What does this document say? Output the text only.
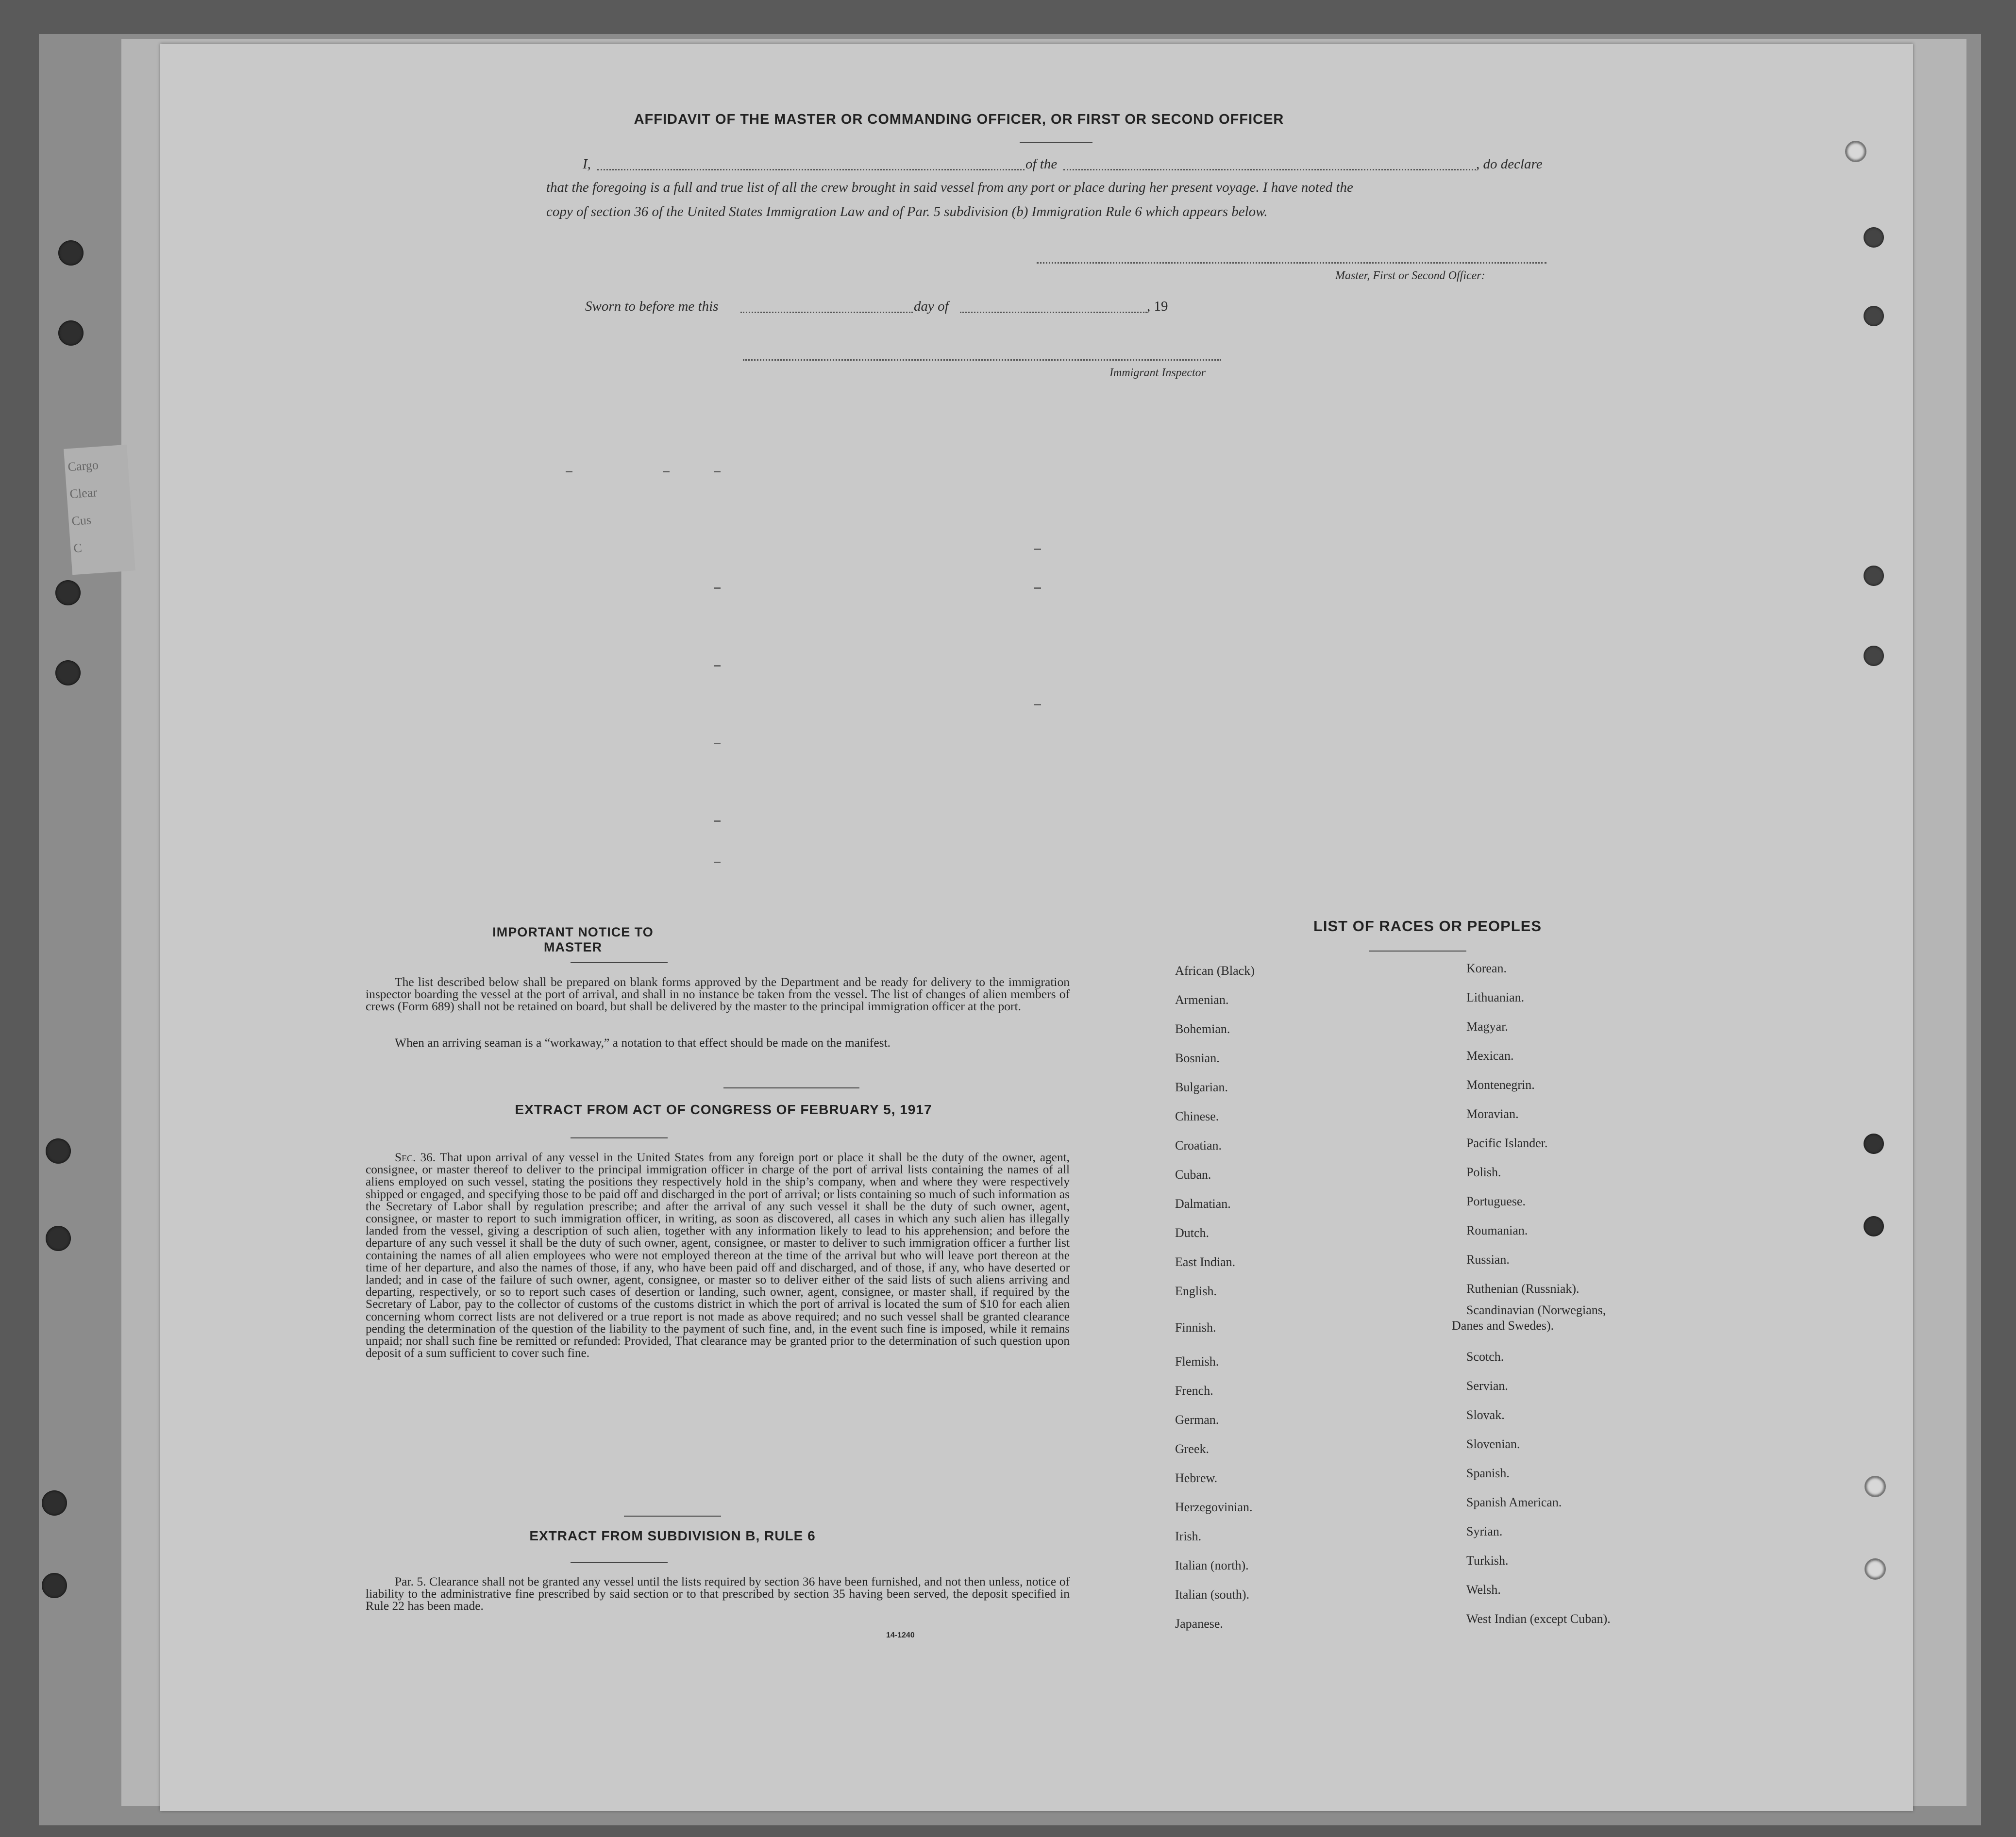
Cargo
Clear
Cus
C
AFFIDAVIT OF THE MASTER OR COMMANDING OFFICER, OR FIRST OR SECOND OFFICER
I,	of the	, do declare
that the foregoing is a full and true list of all the crew brought in said vessel from any port or place during her present voyage. I have noted the
copy of section 36 of the United States Immigration Law and of Par. 5 subdivision (b) Immigration Rule 6 which appears below.
Master, First or Second Officer:
Sworn to before me this	day of	, 19
Immigrant Inspector
IMPORTANT NOTICE TO MASTER
The list described below shall be prepared on blank forms approved by the Department and be ready for delivery to the immigration inspector boarding the vessel at the port of arrival, and shall in no instance be taken from the vessel. The list of changes of alien members of crews (Form 689) shall not be retained on board, but shall be delivered by the master to the principal immigration officer at the port.
When an arriving seaman is a “workaway,” a notation to that effect should be made on the manifest.
EXTRACT FROM ACT OF CONGRESS OF FEBRUARY 5, 1917
Sec. 36. That upon arrival of any vessel in the United States from any foreign port or place it shall be the duty of the owner, agent, consignee, or master thereof to deliver to the principal immigration officer in charge of the port of arrival lists containing the names of all aliens employed on such vessel, stating the positions they respectively hold in the ship’s company, when and where they were respectively shipped or engaged, and specifying those to be paid off and discharged in the port of arrival; or lists containing so much of such information as the Secretary of Labor shall by regulation prescribe; and after the arrival of any such vessel it shall be the duty of such owner, agent, consignee, or master to report to such immigration officer, in writing, as soon as discovered, all cases in which any such alien has illegally landed from the vessel, giving a description of such alien, together with any information likely to lead to his apprehension; and before the departure of any such vessel it shall be the duty of such owner, agent, consignee, or master to deliver to such immigration officer a further list containing the names of all alien employees who were not employed thereon at the time of the arrival but who will leave port thereon at the time of her departure, and also the names of those, if any, who have been paid off and discharged, and of those, if any, who have deserted or landed; and in case of the failure of such owner, agent, consignee, or master so to deliver either of the said lists of such aliens arriving and departing, respectively, or so to report such cases of desertion or landing, such owner, agent, consignee, or master shall, if required by the Secretary of Labor, pay to the collector of customs of the customs district in which the port of arrival is located the sum of $10 for each alien concerning whom correct lists are not delivered or a true report is not made as above required; and no such vessel shall be granted clearance pending the determination of the question of the liability to the payment of such fine, and, in the event such fine is imposed, while it remains unpaid; nor shall such fine be remitted or refunded: Provided, That clearance may be granted prior to the determination of such question upon deposit of a sum sufficient to cover such fine.
EXTRACT FROM SUBDIVISION B, RULE 6
Par. 5. Clearance shall not be granted any vessel until the lists required by section 36 have been furnished, and not then unless, notice of liability to the administrative fine prescribed by said section or to that prescribed by section 35 having been served, the deposit specified in Rule 22 has been made.
14-1240
LIST OF RACES OR PEOPLES
Danes and Swedes).
African (Black)
Armenian.
Bohemian.
Bosnian.
Bulgarian.
Chinese.
Croatian.
Cuban.
Dalmatian.
Dutch.
East Indian.
English.
Finnish.
Flemish.
French.
German.
Greek.
Hebrew.
Herzegovinian.
Irish.
Italian (north).
Italian (south).
Japanese.
Korean.
Lithuanian.
Magyar.
Mexican.
Montenegrin.
Moravian.
Pacific Islander.
Polish.
Portuguese.
Roumanian.
Russian.
Ruthenian (Russniak).
Scandinavian (Norwegians,
Scotch.
Servian.
Slovak.
Slovenian.
Spanish.
Spanish American.
Syrian.
Turkish.
Welsh.
West Indian (except Cuban).
